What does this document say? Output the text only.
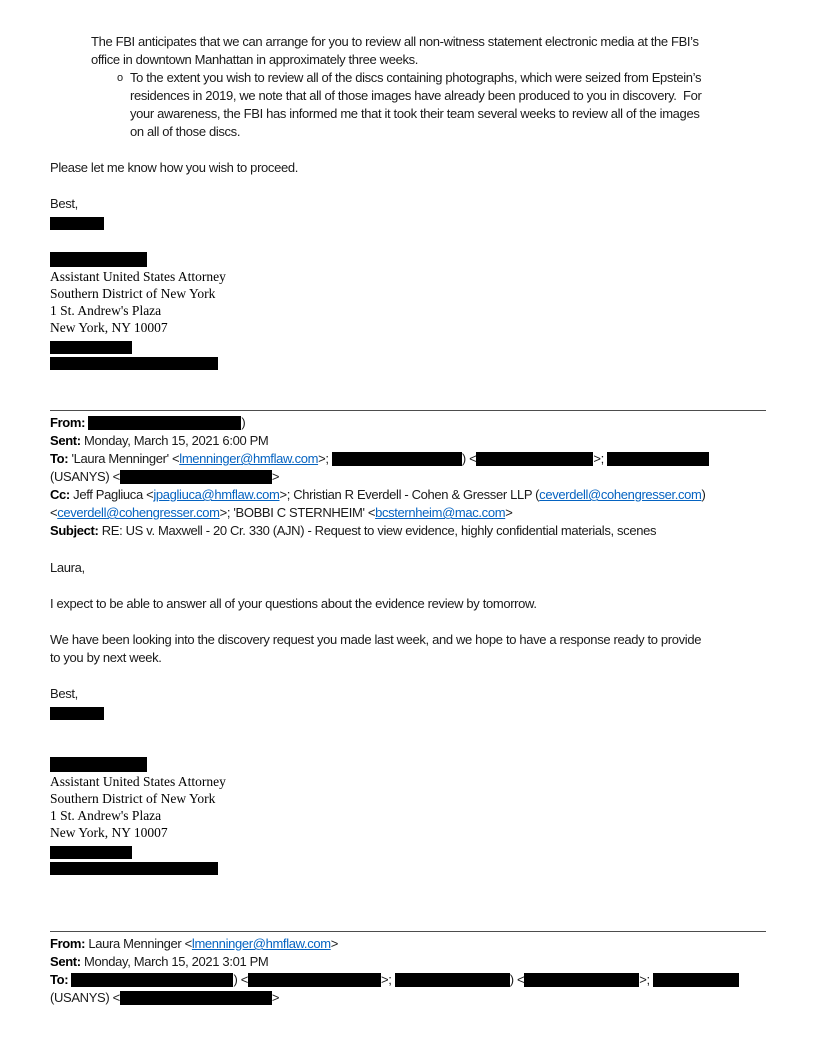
The FBI anticipates that we can arrange for you to review all non-witness statement electronic media at the FBI’s
office in downtown Manhattan in approximately three weeks.
o To the extent you wish to review all of the discs containing photographs, which were seized from Epstein’s
residences in 2019, we note that all of those images have already been produced to you in discovery.  For
your awareness, the FBI has informed me that it took their team several weeks to review all of the images
on all of those discs.
Please let me know how you wish to proceed.
Best,
Assistant United States Attorney
Southern District of New York
1 St. Andrew's Plaza
New York, NY 10007
From:	)
Sent: Monday, March 15, 2021 6:00 PM
To: 'Laura Menninger' <lmenninger@hmflaw.com>;	) <	>;
(USANYS) <	>
Cc: Jeff Pagliuca <jpagliuca@hmflaw.com>; Christian R Everdell - Cohen & Gresser LLP (ceverdell@cohengresser.com)
<ceverdell@cohengresser.com>; 'BOBBI C STERNHEIM' <bcsternheim@mac.com>
Subject: RE: US v. Maxwell - 20 Cr. 330 (AJN) - Request to view evidence, highly confidential materials, scenes
Laura,
I expect to be able to answer all of your questions about the evidence review by tomorrow.
We have been looking into the discovery request you made last week, and we hope to have a response ready to provide
to you by next week.
Best,
Assistant United States Attorney
Southern District of New York
1 St. Andrew's Plaza
New York, NY 10007
From: Laura Menninger <lmenninger@hmflaw.com>
Sent: Monday, March 15, 2021 3:01 PM
To:	) <	>;	) <	>;
(USANYS) <	>
